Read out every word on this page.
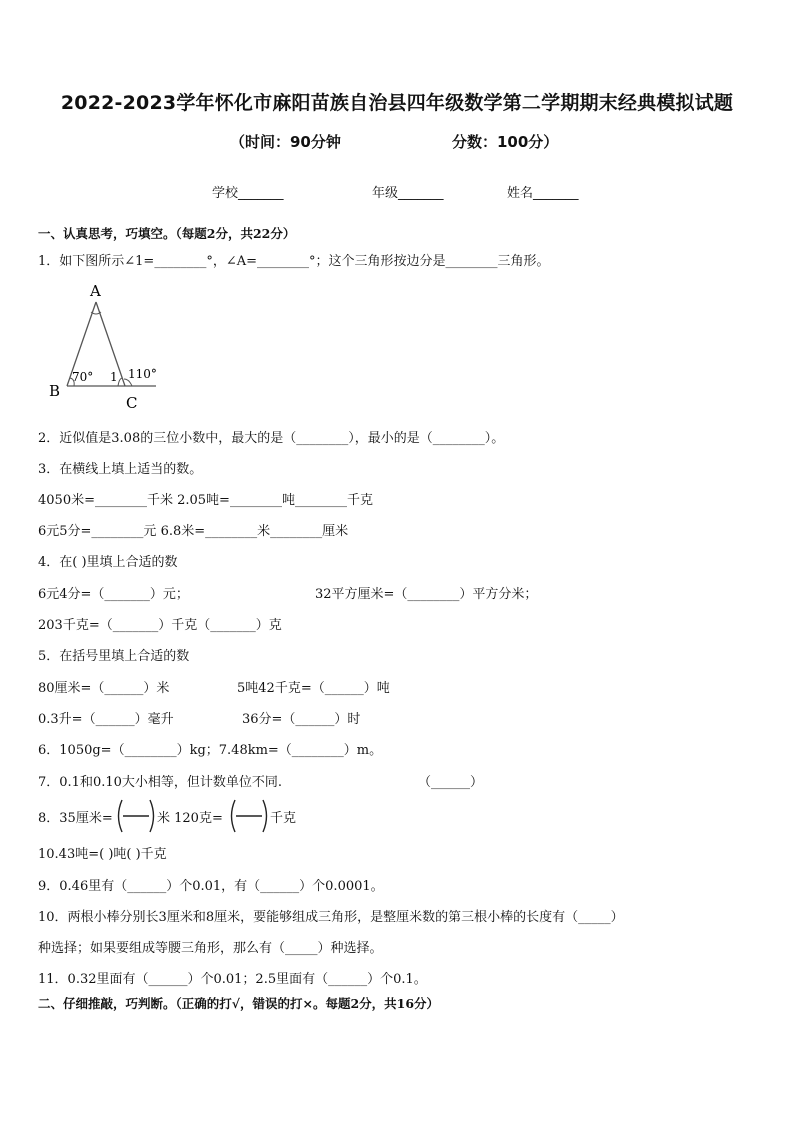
2022-2023学年怀化市麻阳苗族自治县四年级数学第二学期期末经典模拟试题
（时间：90分钟	分数：100分）
学校_______	年级_______	姓名_______
一、认真思考，巧填空。（每题2分，共22分）
1．如下图所示∠1=________°，∠A=________°；这个三角形按边分是________三角形。
A
B
C
70° 1 110°
2．近似值是3.08的三位小数中，最大的是（________），最小的是（________）。
3．在横线上填上适当的数。
4050米=________千米 2.05吨=________吨________千克
6元5分=________元 6.8米=________米________厘米
4．在( )里填上合适的数
6元4分=（_______）元；	32平方厘米=（________）平方分米；
203千克=（_______）千克（_______）克
5．在括号里填上合适的数
80厘米=（______）米	5吨42千克=（______）吨
0.3升=（______）毫升	36分=（______）时
6．1050g=（________）kg；7.48km=（________）m。
7．0.1和0.10大小相等，但计数单位不同.	（______）
8．35厘米=	米 120克=	千克
10.43吨=( )吨( )千克
9．0.46里有（______）个0.01，有（______）个0.0001。
10．两根小棒分别长3厘米和8厘米，要能够组成三角形，是整厘米数的第三根小棒的长度有（_____）
种选择；如果要组成等腰三角形，那么有（_____）种选择。
11．0.32里面有（______）个0.01；2.5里面有（______）个0.1。
二、仔细推敲，巧判断。（正确的打√，错误的打×。每题2分，共16分）
